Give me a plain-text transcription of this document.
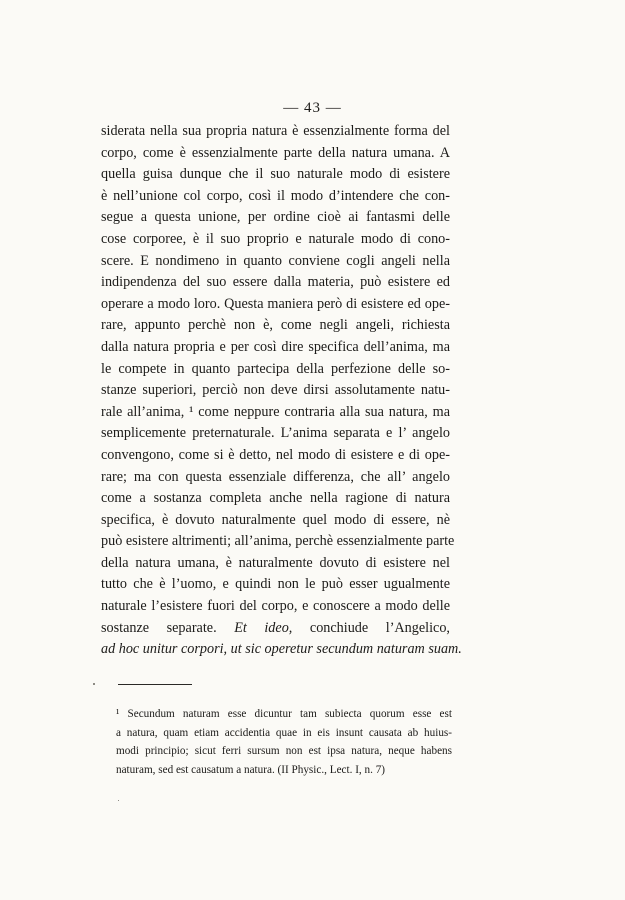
— 43 —
siderata nella sua propria natura è essenzialmente forma del
corpo, come è essenzialmente parte della natura umana. A
quella guisa dunque che il suo naturale modo di esistere
è nell’unione col corpo, così il modo d’intendere che con-
segue a questa unione, per ordine cioè ai fantasmi delle
cose corporee, è il suo proprio e naturale modo di cono-
scere. E nondimeno in quanto conviene cogli angeli nella
indipendenza del suo essere dalla materia, può esistere ed
operare a modo loro. Questa maniera però di esistere ed ope-
rare, appunto perchè non è, come negli angeli, richiesta
dalla natura propria e per così dire specifica dell’anima, ma
le compete in quanto partecipa della perfezione delle so-
stanze superiori, perciò non deve dirsi assolutamente natu-
rale all’anima, ¹ come neppure contraria alla sua natura, ma
semplicemente preternaturale. L’anima separata e l’ angelo
convengono, come si è detto, nel modo di esistere e di ope-
rare; ma con questa essenziale differenza, che all’ angelo
come a sostanza completa anche nella ragione di natura
specifica, è dovuto naturalmente quel modo di essere, nè
può esistere altrimenti; all’anima, perchè essenzialmente parte
della natura umana, è naturalmente dovuto di esistere nel
tutto che è l’uomo, e quindi non le può esser ugualmente
naturale l’esistere fuori del corpo, e conoscere a modo delle
sostanze separate. Et ideo, conchiude l’Angelico,
ad hoc unitur corpori, ut sic operetur secundum naturam suam.
¹ Secundum naturam esse dicuntur tam subiecta quorum esse est
a natura, quam etiam accidentia quae in eis insunt causata ab huius-
modi principio; sicut ferri sursum non est ipsa natura, neque habens
naturam, sed est causatum a natura. (II Physic., Lect. I, n. 7)
